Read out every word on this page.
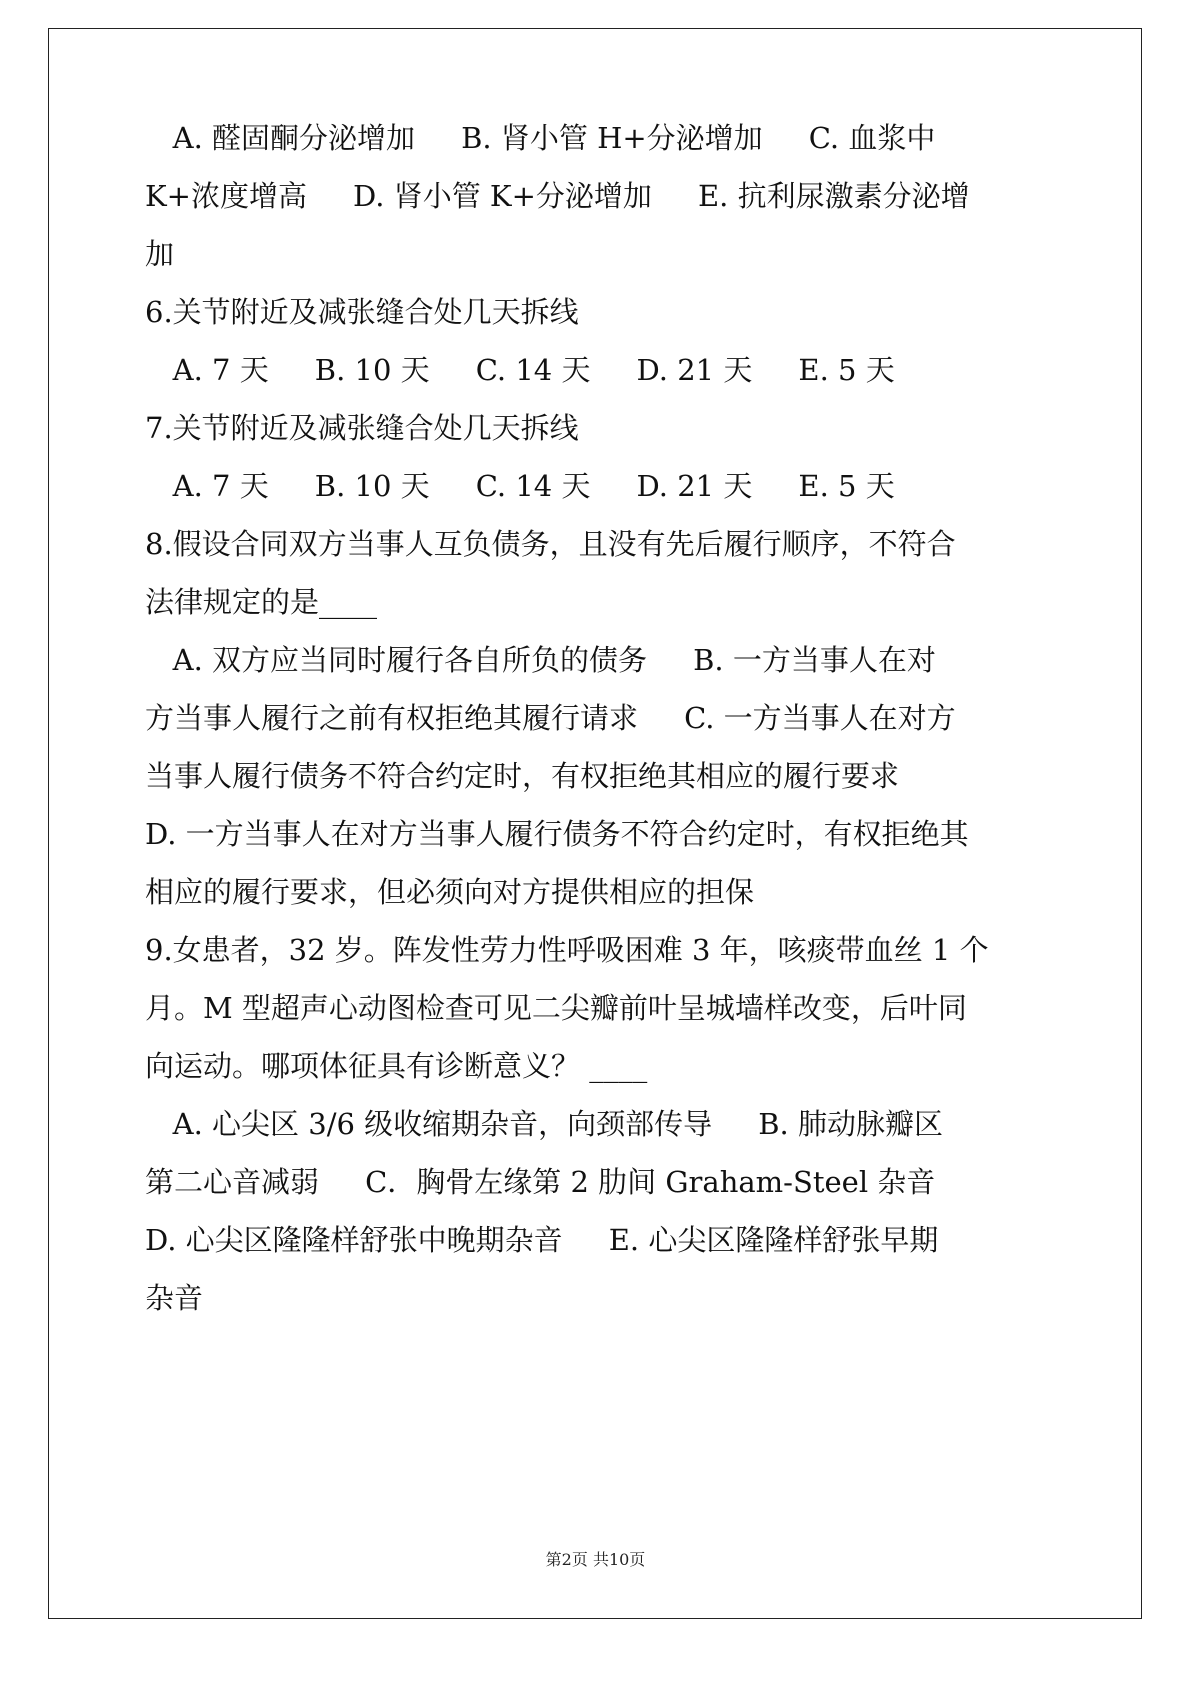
A. 醛固酮分泌增加     B. 肾小管 H+分泌增加     C. 血浆中
K+浓度增高     D. 肾小管 K+分泌增加     E. 抗利尿激素分泌增
加
6.关节附近及减张缝合处几天拆线
A. 7 天     B. 10 天     C. 14 天     D. 21 天     E. 5 天
7.关节附近及减张缝合处几天拆线
A. 7 天     B. 10 天     C. 14 天     D. 21 天     E. 5 天
8.假设合同双方当事人互负债务，且没有先后履行顺序，不符合
法律规定的是____
A. 双方应当同时履行各自所负的债务     B. 一方当事人在对
方当事人履行之前有权拒绝其履行请求     C. 一方当事人在对方
当事人履行债务不符合约定时，有权拒绝其相应的履行要求
D. 一方当事人在对方当事人履行债务不符合约定时，有权拒绝其
相应的履行要求，但必须向对方提供相应的担保
9.女患者，32 岁。阵发性劳力性呼吸困难 3 年，咳痰带血丝 1 个
月。M 型超声心动图检查可见二尖瓣前叶呈城墙样改变，后叶同
向运动。哪项体征具有诊断意义？ ____
A. 心尖区 3/6 级收缩期杂音，向颈部传导     B. 肺动脉瓣区
第二心音减弱     C．胸骨左缘第 2 肋间 Graham-Steel 杂音
D. 心尖区隆隆样舒张中晚期杂音     E. 心尖区隆隆样舒张早期
杂音
第2页 共10页
